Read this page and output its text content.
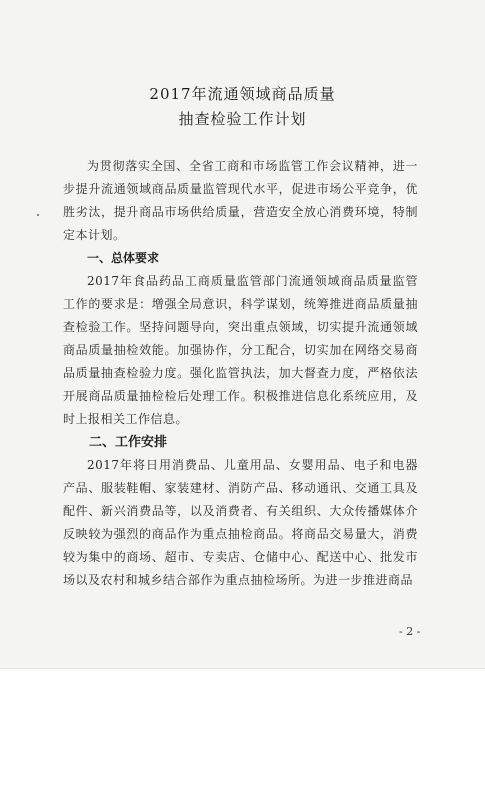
2017年流通领域商品质量
抽查检验工作计划

为贯彻落实全国、全省工商和市场监管工作会议精神，进一步提升流通领域商品质量监管现代水平，促进市场公平竞争，优胜劣汰，提升商品市场供给质量，营造安全放心消费环境，特制定本计划。

一、总体要求

2017年食品药品工商质量监管部门流通领域商品质量监管工作的要求是：增强全局意识，科学谋划，统筹推进商品质量抽查检验工作。坚持问题导向，突出重点领域，切实提升流通领域商品质量抽检效能。加强协作，分工配合，切实加在网络交易商品质量抽查检验力度。强化监管执法，加大督查力度，严格依法开展商品质量抽检检后处理工作。积极推进信息化系统应用，及时上报相关工作信息。

二、工作安排

2017年将日用消费品、儿童用品、女婴用品、电子和电器产品、服装鞋帽、家装建材、消防产品、移动通讯、交通工具及配件、新兴消费品等，以及消费者、有关组织、大众传播媒体介反映较为强烈的商品作为重点抽检商品。将商品交易量大，消费较为集中的商场、超市、专卖店、仓储中心、配送中心、批发市场以及农村和城乡结合部作为重点抽检场所。为进一步推进商品

- 2 -
